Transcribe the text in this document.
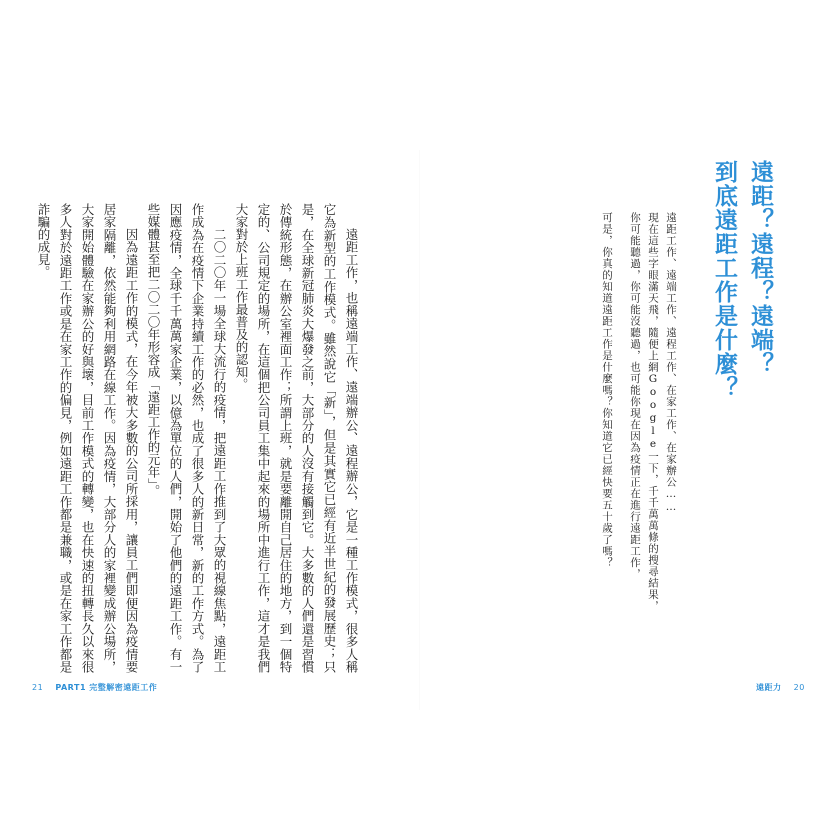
遠距？遠程？遠端？
到底遠距工作是什麼？

遠距工作、遠端工作、遠程工作、在家工作、在家辦公……

現在這些字眼滿天飛，隨便上網Google一下，千千萬萬條的搜尋結果，

你可能聽過，你可能沒聽過，也可能你現在因為疫情正在進行遠距工作，

可是，你真的知道遠距工作是什麼嗎？你知道它已經快要五十歲了嗎？

遠距工作，也稱遠端工作、遠端辦公、遠程辦公，它是一種工作模式，很多人稱它為新型的工作模式。雖然說它「新」，但是其實它已經有近半世紀的發展歷史；只是，在全球新冠肺炎大爆發之前，大部分的人沒有接觸到它。大多數的人們還是習慣於傳統形態，在辦公室裡面工作；所謂上班，就是要離開自己居住的地方，到一個特定的、公司規定的場所，在這個把公司員工集中起來的場所中進行工作，這才是我們大家對於上班工作最普及的認知。

二〇二〇年一場全球大流行的疫情，把遠距工作推到了大眾的視線焦點，遠距工作成為在疫情下企業持續工作的必然，也成了很多人的新日常，新的工作方式。為了因應疫情，全球千千萬萬家企業，以億為單位的人們，開始了他們的遠距工作。有一些媒體甚至把二〇二〇年形容成「遠距工作的元年」。

因為遠距工作的模式，在今年被大多數的公司所採用，讓員工們即便因為疫情要居家隔離，依然能夠利用網路在線工作。因為疫情，大部分人的家裡變成辦公場所，大家開始體驗在家辦公的好與壞，目前工作模式的轉變，也在快速的扭轉長久以來很多人對於遠距工作或是在家工作的偏見，例如遠距工作都是兼職，或是在家工作都是詐騙的成見。

21 PART1 完整解密遠距工作	遠距力 20
